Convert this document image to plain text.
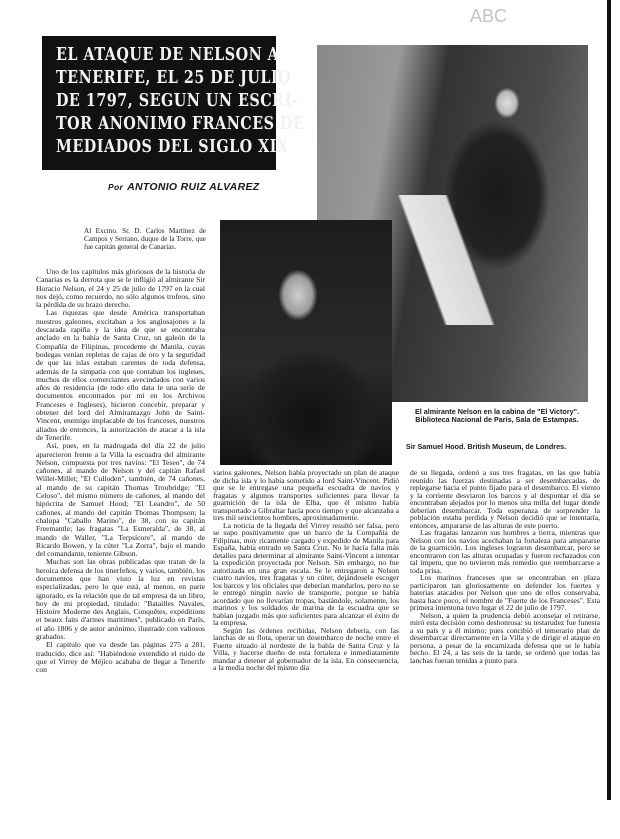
ABC
EL ATAQUE DE NELSON A
TENERIFE, EL 25 DE JULIO
DE 1797, SEGUN UN ESCRI-
TOR ANONIMO FRANCES DE
MEDIADOS DEL SIGLO XIX
Por ANTONIO RUIZ ALVAREZ
El almirante Nelson en la cabina de "El Victory". Biblioteca Nacional de París, Sala de Estampas.
Sir Samuel Hood. British Museum, de Londres.
Al Excmo. Sr. D. Carlos Martínez de Campos y Serrano, duque de la Torre, que fue capitán general de Canarias.

Uno de los capítulos más gloriosos de la historia de Canarias es la derrota que se le infligió al almirante Sir Horacio Nelson, el 24 y 25 de julio de 1797 en la cual nos dejó, como recuerdo, no sólo algunos trofeos, sino la pérdida de su brazo derecho.

Las riquezas que desde América transportaban nuestros galeones, excitaban a los anglosajones a la descarada rapiña y la idea de que se encontraba anclado en la bahía de Santa Cruz, un galeón de la Compañía de Filipinas, procedente de Manila, cuyas bodegas venían repletas de cajas de oro y la seguridad de que las islas estaban carentes de toda defensa, además de la simpatía con que contaban los ingleses, muchos de ellos comerciantes avecindados con varios años de residencia (de todo ello data le una serie de documentos encontrados por mí en los Archivos Franceses e Ingleses), hicieron concebir, preparar y obtener del lord del Almirantazgo John de Saint-Vincent, enemigo implacable de los franceses, nuestros aliados de entonces, la autorización de atacar a la isla de Tenerife.

Así, pues, en la madrugada del día 22 de julio aparecieron frente a la Villa la escuadra del almirante Nelson, compuesta por tres navíos: "El Teseo", de 74 cañones, al mando de Nelson y del capitán Rafael Willet-Millet; "El Culloden", también, de 74 cañones, al mando de su capitán Thomas Troubridge; "El Celoso", del mismo número de cañones, al mando del hipócrita de Samuel Hood; "El Leandro", de 50 cañones, al mando del capitán Thomas Thompson; la chalupa "Caballo Marino", de 38, con su capitán Freemantle; las fragatas "La Esmeralda", de 38, al mando de Waller, "La Terpsícore", al mando de Ricardo Bowen, y la cúter "La Zorra", bajo el mando del comandante, teniente Gibson.

Muchas son las obras publicadas que tratan de la heroica defensa de los tinerfeños, y varios, también, los documentos que han visto la luz en revistas especializadas, pero lo que está, al menos, en parte ignorado, es la relación que de tal empresa da un libro, hoy de mi propiedad, titulado: "Batailles Navales, Histoire Moderne des Anglais, Conquêtes, expéditions et beaux faits d'armes maritimes", publicado en París, el año 1806 y de autor anónimo, ilustrado con valiosos grabados.

El capítulo que va desde las páginas 275 a 281, traducido, dice así: "Habiéndose extendido el ruido de que el Virrey de Méjico acababa de llegar a Tenerife con

varios galeones, Nelson había proyectado un plan de ataque de dicha isla y lo había sometido a lord Saint-Vincent. Pidió que se le entregase una pequeña escuadra de navíos y fragatas y algunos transportes suficientes para llevar la guarnición de la isla de Elba, que él mismo había transportado a Gibraltar hacía poco tiempo y que alcanzaba a tres mil seiscientos hombres, aproximadamente.

La noticia de la llegada del Virrey resultó ser falsa, pero se supo positivamente que un barco de la Compañía de Filipinas, muy ricamente cargado y expedido de Manila para España, había entrado en Santa Cruz. No le hacía falta más detalles para determinar al almirante Saint-Vincent a intentar la expedición proyectada por Nelson. Sin embargo, no fue autorizada en una gran escala. Se le entregaron a Nelson cuatro navíos, tres fragatas y un cúter, dejándosele escoger los barcos y los oficiales que deberían mandarlos, pero no se le entregó ningún navío de transporte, porque se había acordado que no llevarían tropas, bastándole, solamente, los marinos y los soldados de marina de la escuadra que se habían juzgado más que suficientes para alcanzar el éxito de la empresa.

Según las órdenes recibidas, Nelson debería, con las lanchas de su flota, operar un desembarco de noche entre el Fuerte situado al nordeste de la bahía de Santa Cruz y la Villa, y hacerse dueño de esta fortaleza e inmediatamente mandar a detener al gobernador de la isla. En consecuencia, a la media noche del mismo día

de su llegada, ordenó a sus tres fragatas, en las que había reunido las fuerzas destinadas a ser desembarcadas, de replegarse hacia el punto fijado para el desembarco. El viento y la corriente desviaron los barcos y al despuntar el día se encontraban alejados por lo menos una milla del lugar donde deberían desembarcar. Toda esperanza de sorprender la población estaba perdida y Nelson decidió que se intentaría, entonces, ampararse de las alturas de este puerto.

Las fragatas lanzaron sus hombres a tierra, mientras que Nelson con los navíos acechaban la fortaleza para ampararse de la guarnición. Los ingleses lograron desembarcar, pero se encontraron con las alturas ocupadas y fueron rechazados con tal ímpetu, que no tuvieron más remedio que reembarcarse a toda prisa.

Los marinos franceses que se encontraban en plaza participaron tan gloriosamente en defender los fuertes y baterías atacados por Nelson que uno de ellos conservaba, hasta hace poco, el nombre de "Fuerte de los Franceses". Esta primera intentona tuvo lugar el 22 de julio de 1797.

Nelson, a quien la prudencia debió aconsejar el retirarse, miró esta decisión como deshonrosa: su testarudez fue funesta a su país y a él mismo; pues concibió el temerario plan de desembarcar directamente en la Villa y de dirigir el ataque en persona, a pesar de la encarnizada defensa que se le había hecho. El 24, a las seis de la tarde, se ordenó que todas las lanchas fueran tenidas a punto para
